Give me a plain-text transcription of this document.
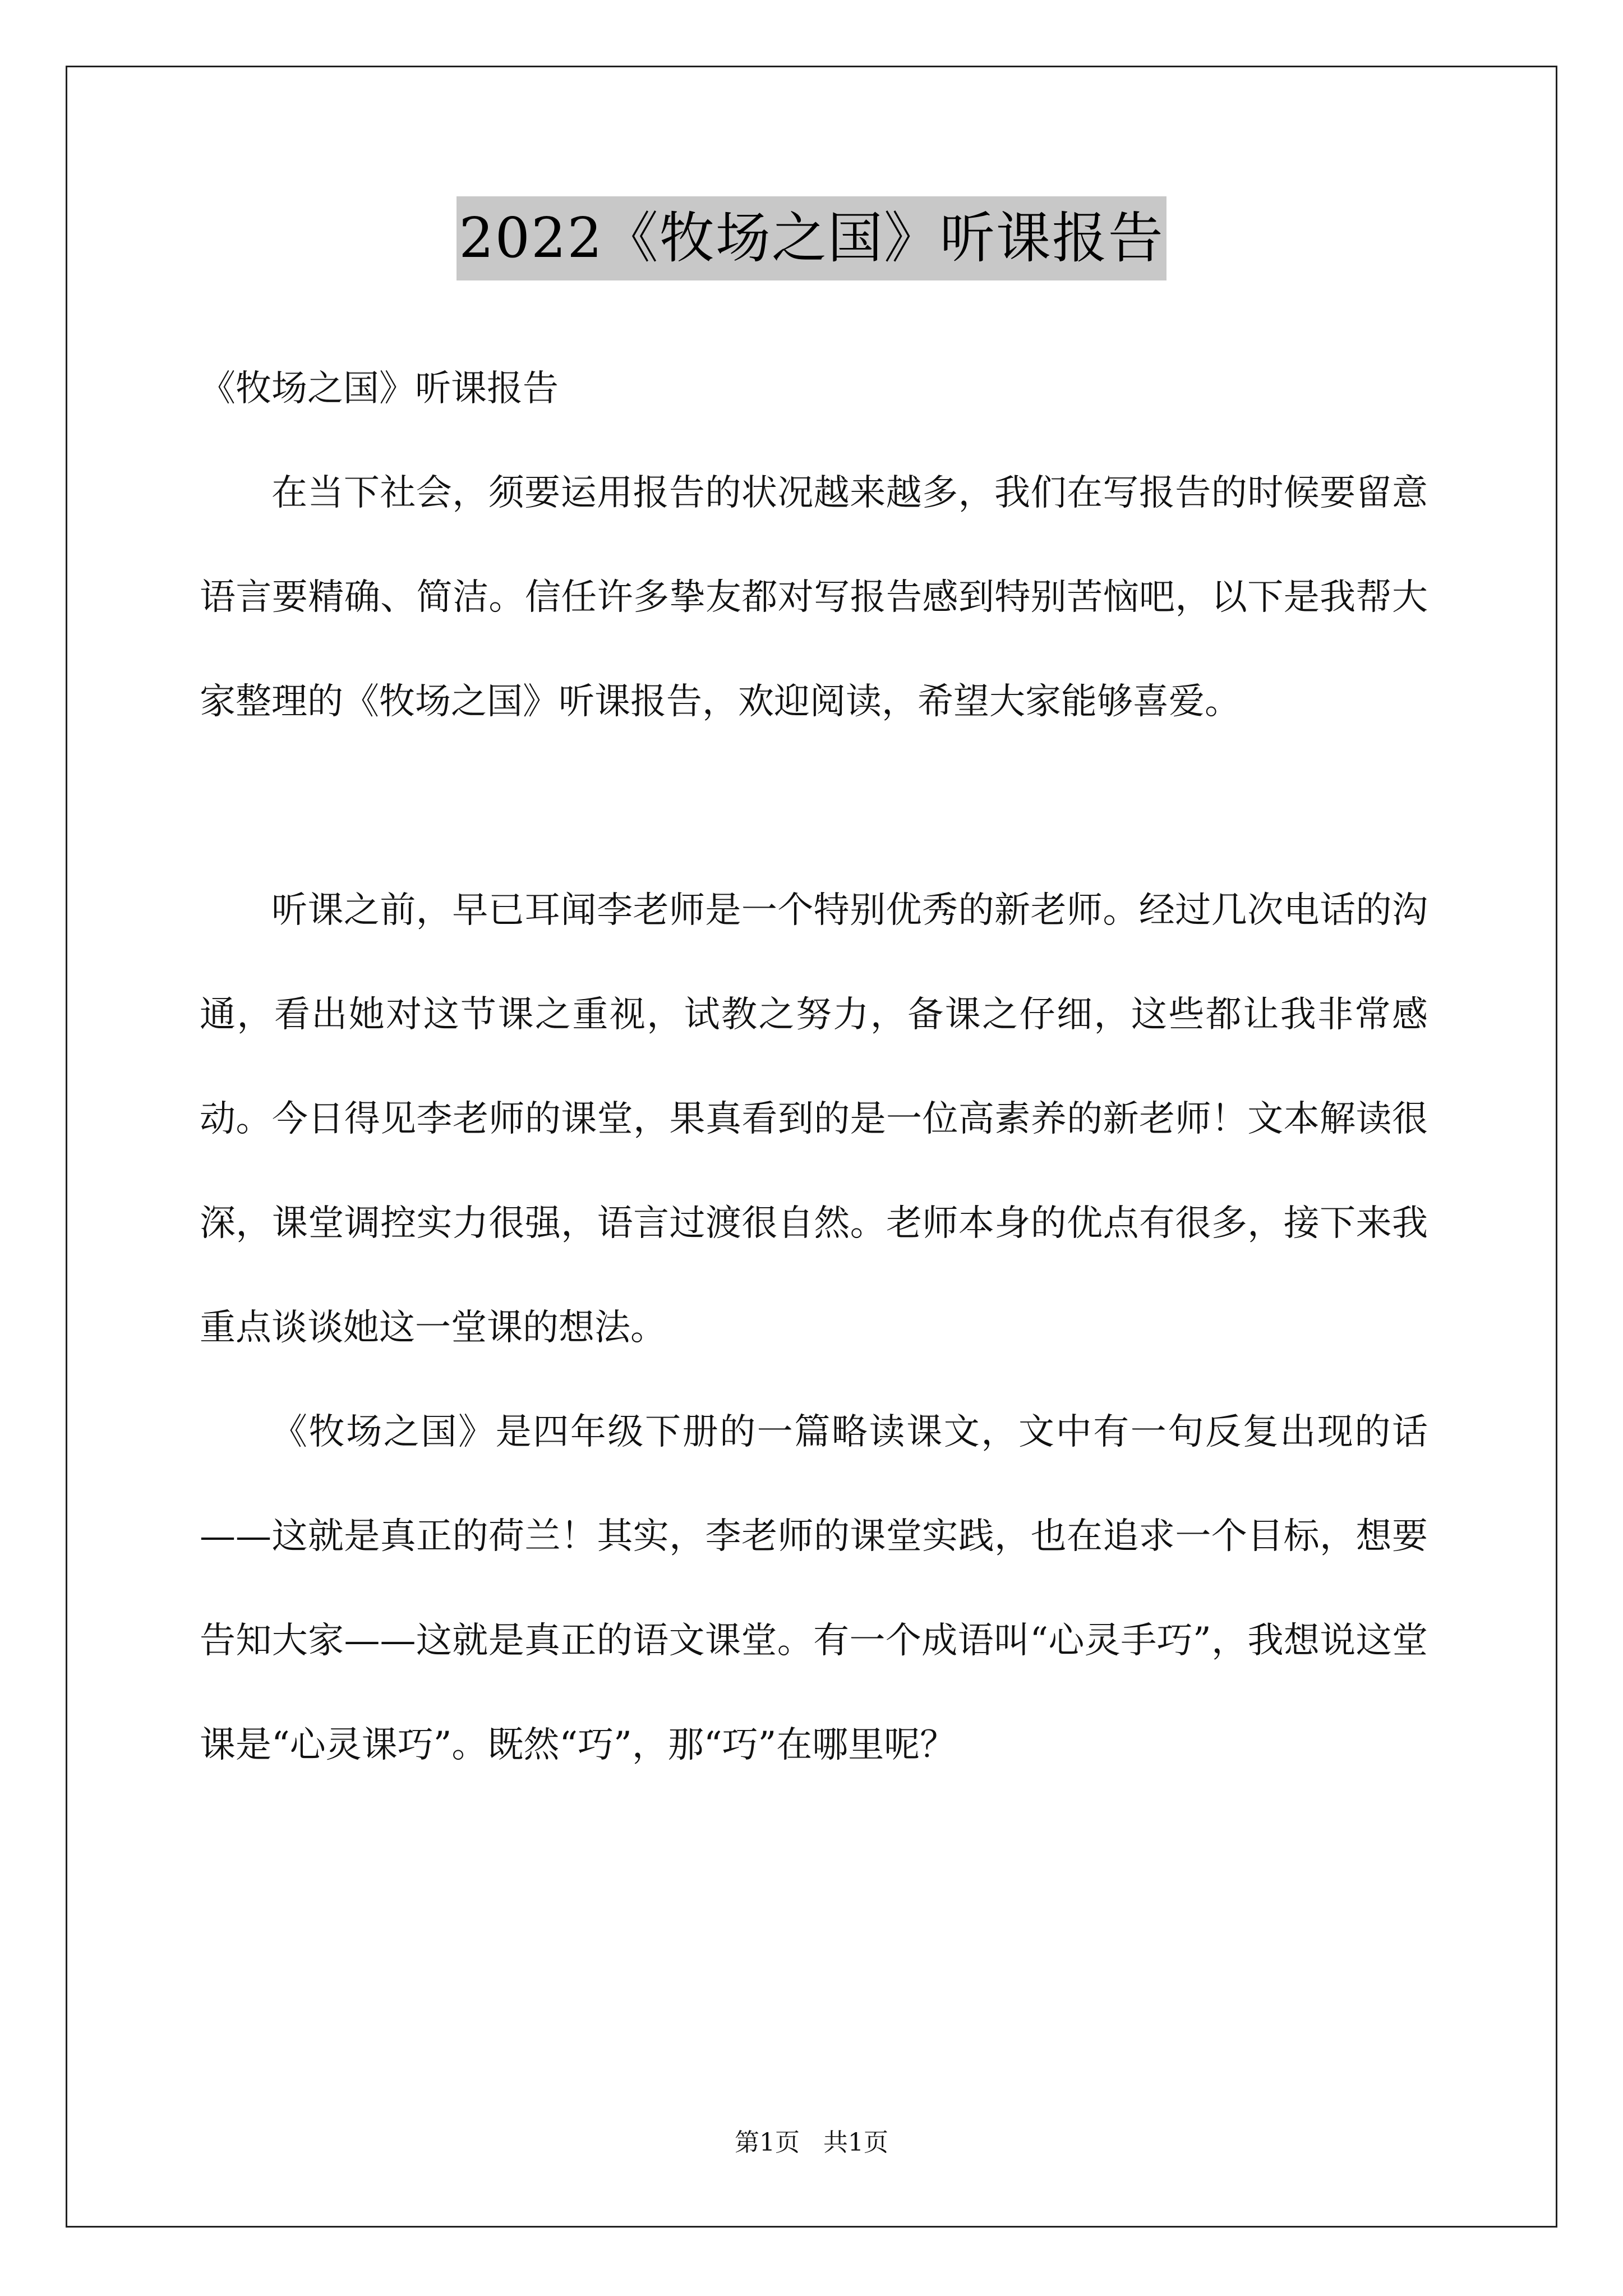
2022《牧场之国》听课报告

《牧场之国》听课报告

在当下社会，须要运用报告的状况越来越多，我们在写报告的时候要留意语言要精确、简洁。信任许多挚友都对写报告感到特别苦恼吧，以下是我帮大家整理的《牧场之国》听课报告，欢迎阅读，希望大家能够喜爱。

听课之前，早已耳闻李老师是一个特别优秀的新老师。经过几次电话的沟通，看出她对这节课之重视，试教之努力，备课之仔细，这些都让我非常感动。今日得见李老师的课堂，果真看到的是一位高素养的新老师！文本解读很深，课堂调控实力很强，语言过渡很自然。老师本身的优点有很多，接下来我重点谈谈她这一堂课的想法。

《牧场之国》是四年级下册的一篇略读课文，文中有一句反复出现的话——这就是真正的荷兰！其实，李老师的课堂实践，也在追求一个目标，想要告知大家——这就是真正的语文课堂。有一个成语叫“心灵手巧”，我想说这堂课是“心灵课巧”。既然“巧”，那“巧”在哪里呢？

第1页 共1页
